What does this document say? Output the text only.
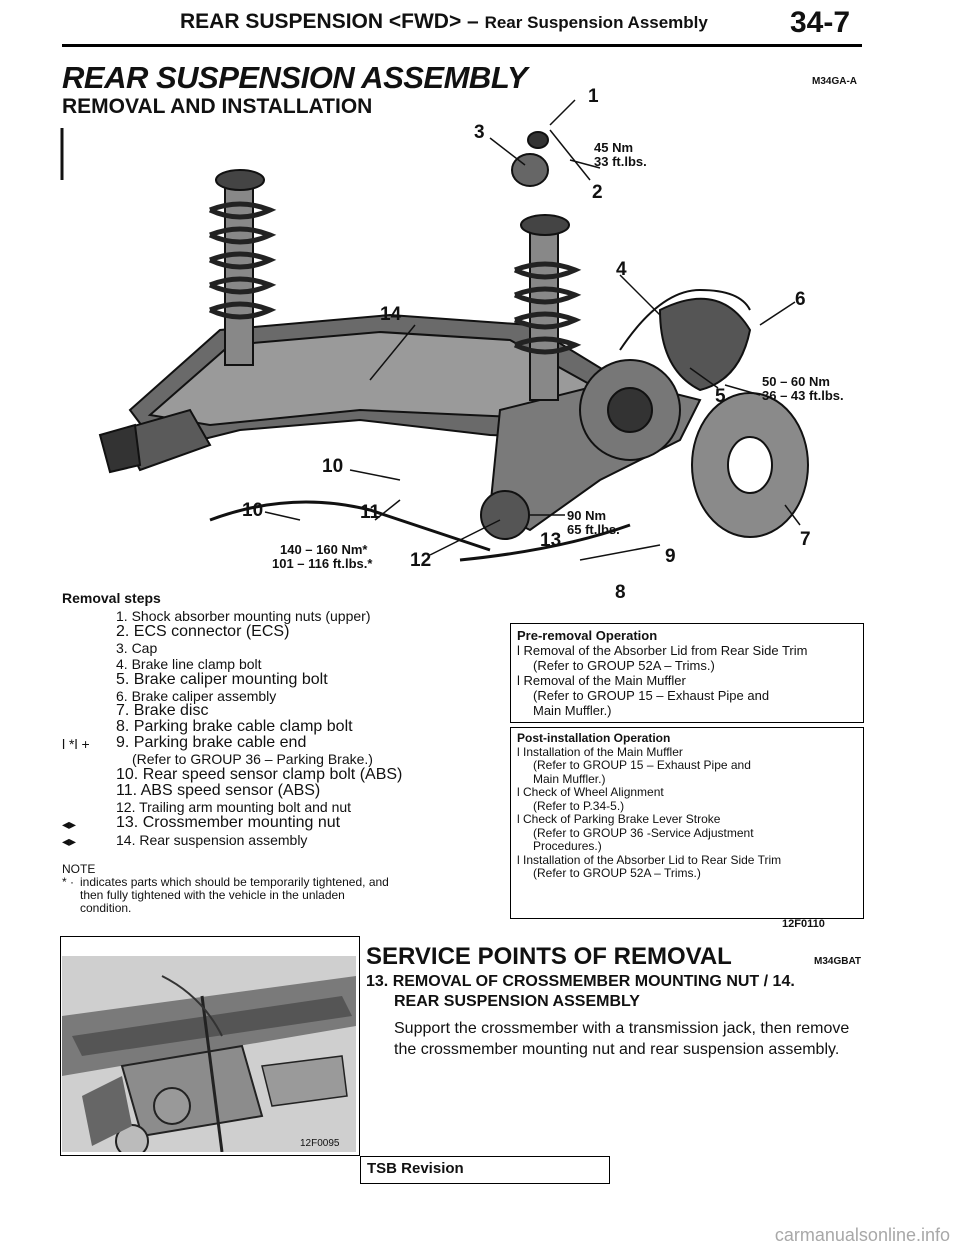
REAR SUSPENSION <FWD> – Rear Suspension Assembly	34-7
REAR SUSPENSION ASSEMBLY	M34GA-A
REMOVAL AND INSTALLATION	1
2
3
4
5
6
7
8
9
10
10	11
12
13
14
45 Nm
33 ft.lbs.
50 – 60 Nm
36 – 43 ft.lbs.
90 Nm
65 ft.lbs.
140 – 160 Nm*
101 – 116 ft.lbs.*
Removal steps
1. Shock absorber mounting nuts (upper)
2. ECS connector (ECS)
3. Cap
4. Brake line clamp bolt
5. Brake caliper mounting bolt
6. Brake caliper assembly
7. Brake disc
8. Parking brake cable clamp bolt
l *l + 9. Parking brake cable end
(Refer to GROUP 36 – Parking Brake.)
10. Rear speed sensor clamp bolt (ABS)
11. ABS speed sensor (ABS)
12. Trailing arm mounting bolt and nut
◂▸ 13. Crossmember mounting nut
◂▸	14. Rear suspension assembly
NOTE
* · indicates parts which should be temporarily tightened, and
then fully tightened with the vehicle in the unladen
condition.
Pre-removal Operation
l Removal of the Absorber Lid from Rear Side Trim
(Refer to GROUP 52A – Trims.)
l Removal of the Main Muffler
(Refer to GROUP 15 – Exhaust Pipe and
Main Muffler.)
Post-installation Operation
l Installation of the Main Muffler
(Refer to GROUP 15 – Exhaust Pipe and
Main Muffler.)
l Check of Wheel Alignment
(Refer to P.34-5.)
l Check of Parking Brake Lever Stroke
(Refer to GROUP 36 -Service Adjustment
Procedures.)
l Installation of the Absorber Lid to Rear Side Trim
(Refer to GROUP 52A – Trims.)
12F0110
12F0095
SERVICE POINTS OF REMOVAL	M34GBAT
13. REMOVAL OF CROSSMEMBER MOUNTING NUT / 14.
REAR SUSPENSION ASSEMBLY
Support the crossmember with a transmission jack, then remove the crossmember mounting nut and rear suspension assembly.
TSB Revision
carmanualsonline.info
